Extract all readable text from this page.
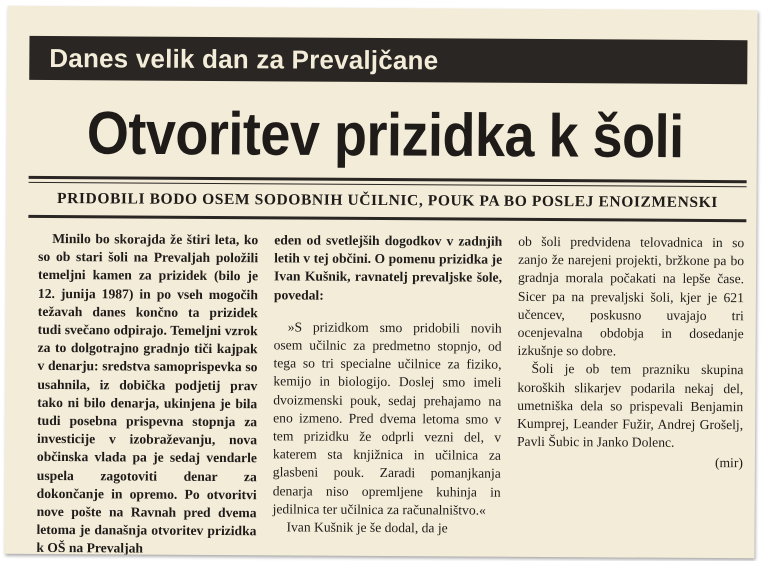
Danes velik dan za Prevaljčane
Otvoritev prizidka k šoli
PRIDOBILI BODO OSEM SODOBNIH UČILNIC, POUK PA BO POSLEJ ENOIZMENSKI

Minilo bo skorajda že štiri leta, ko so ob stari šoli na Prevaljah položili temeljni kamen za prizidek (bilo je 12. junija 1987) in po vseh mogočih težavah danes končno ta prizidek tudi svečano odpirajo. Temeljni vzrok za to dolgotrajno gradnjo tiči kajpak v denarju: sredstva samoprispevka so usahnila, iz dobička podjetij prav tako ni bilo denarja, ukinjena je bila tudi posebna prispevna stopnja za investicije v izobraževanju, nova občinska vlada pa je sedaj vendarle uspela zagotoviti denar za dokončanje in opremo. Po otvoritvi nove pošte na Ravnah pred dvema letoma je današnja otvoritev prizidka k OŠ na Prevaljah

eden od svetlejših dogodkov v zadnjih letih v tej občini. O pomenu prizidka je Ivan Kušnik, ravnatelj prevaljske šole, povedal:

»S prizidkom smo pridobili novih osem učilnic za predmetno stopnjo, od tega so tri specialne učilnice za fiziko, kemijo in biologijo. Doslej smo imeli dvoizmenski pouk, sedaj prehajamo na eno izmeno. Pred dvema letoma smo v tem prizidku že odprli vezni del, v katerem sta knjižnica in učilnica za glasbeni pouk. Zaradi pomanjkanja denarja niso opremljene kuhinja in jedilnica ter učilnica za računalništvo.«

Ivan Kušnik je še dodal, da je

ob šoli predvidena telovadnica in so zanjo že narejeni projekti, bržkone pa bo gradnja morala počakati na lepše čase. Sicer pa na prevaljski šoli, kjer je 621 učencev, poskusno uvajajo tri ocenjevalna obdobja in dosedanje izkušnje so dobre.

Šoli je ob tem prazniku skupina koroških slikarjev podarila nekaj del, umetniška dela so prispevali Benjamin Kumprej, Leander Fužir, Andrej Grošelj, Pavli Šubic in Janko Dolenc.

(mir)
